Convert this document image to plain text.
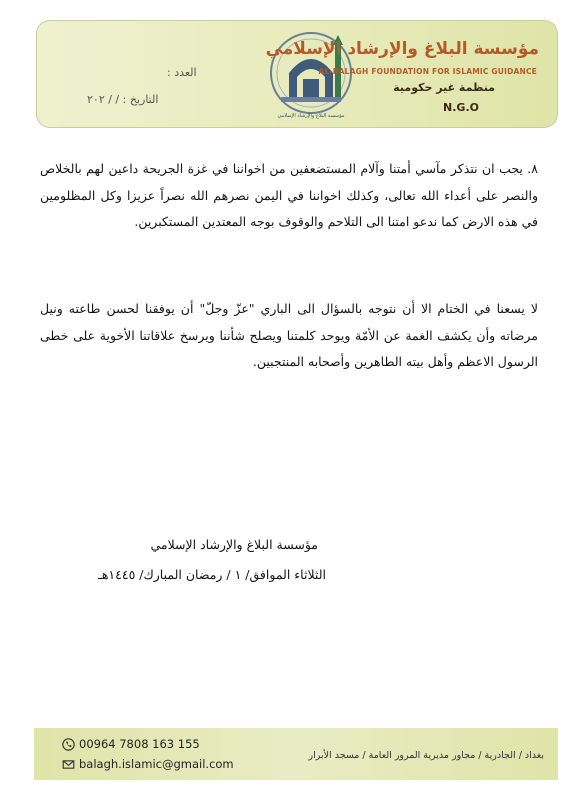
العدد :
التاريخ : / / ٢٠٢
مؤسسة البلاغ والإرشاد الإسلامي
مؤسسة البلاغ والإرشاد الإسلامي
AL-BALAGH FOUNDATION FOR ISLAMIC GUIDANCE
منظمة غير حكومية
N.G.O
٨. يجب ان نتذكر مآسي أمتنا وآلام المستضعفين من اخواننا في غزة الجريحة داعين لهم بالخلاص والنصر على أعداء الله تعالى، وكذلك اخواننا في اليمن نصرهم الله نصراً عزيزا وكل المظلومين في هذه الارض كما ندعو امتنا الى التلاحم والوقوف بوجه المعتدين المستكبرين.
لا يسعنا في الختام الا أن نتوجه بالسؤال الى الباري "عزّ وجلّ" أن يوفقنا لحسن طاعته ونيل مرضاته وأن يكشف الغمة عن الأمّة ويوحد كلمتنا ويصلح شأننا ويرسخ علاقاتنا الأخوية على خطى الرسول الاعظم وأهل بيته الطاهرين وأصحابه المنتجبين.
مؤسسة البلاغ والإرشاد الإسلامي
الثلاثاء الموافق/ ١ / رمضان المبارك/ ١٤٤٥هـ
00964 7808 163 155
balagh.islamic@gmail.com
بغداد / الجادرية / مجاور مديرية المرور العامة / مسجد الأبرار
